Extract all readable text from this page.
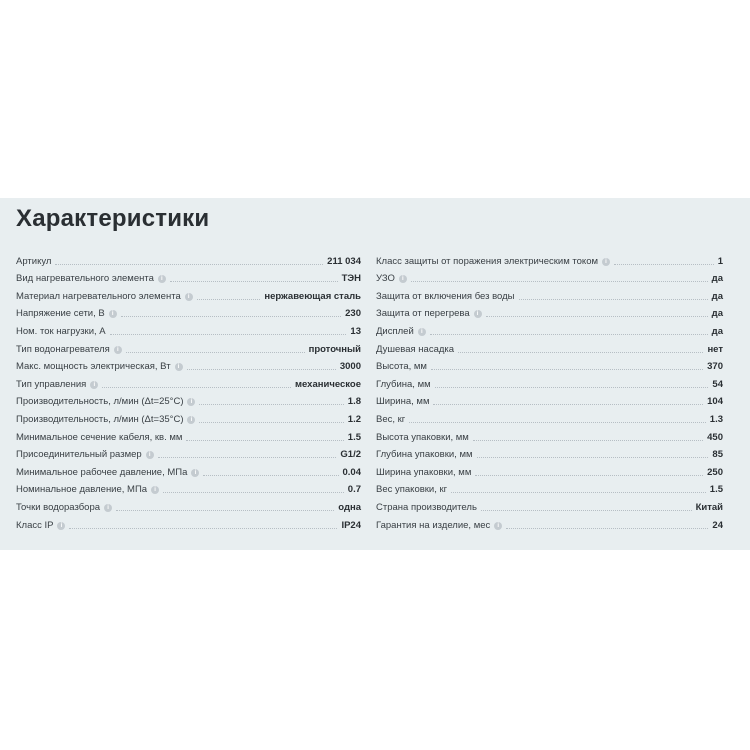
Характеристики
Артикул	211 034
Вид нагревательного элемента	i	ТЭН
Материал нагревательного элемента	i	нержавеющая сталь
Напряжение сети, В	i	230
Ном. ток нагрузки, А	13
Тип водонагревателя	i	проточный
Макс. мощность электрическая, Вт	i	3000
Тип управления	i	механическое
Производительность, л/мин (Δt=25°C)	i	1.8
Производительность, л/мин (Δt=35°C)	i	1.2
Минимальное сечение кабеля, кв. мм	1.5
Присоединительный размер	i	G1/2
Минимальное рабочее давление, МПа	i	0.04
Номинальное давление, МПа	i	0.7
Точки водоразбора	i	одна
Класс IP	i	IP24
Класс защиты от поражения электрическим током	i	1
УЗО	i	да
Защита от включения без воды	да
Защита от перегрева	i	да
Дисплей	i	да
Душевая насадка	нет
Высота, мм	370
Глубина, мм	54
Ширина, мм	104
Вес, кг	1.3
Высота упаковки, мм	450
Глубина упаковки, мм	85
Ширина упаковки, мм	250
Вес упаковки, кг	1.5
Страна производитель	Китай
Гарантия на изделие, мес	i	24
